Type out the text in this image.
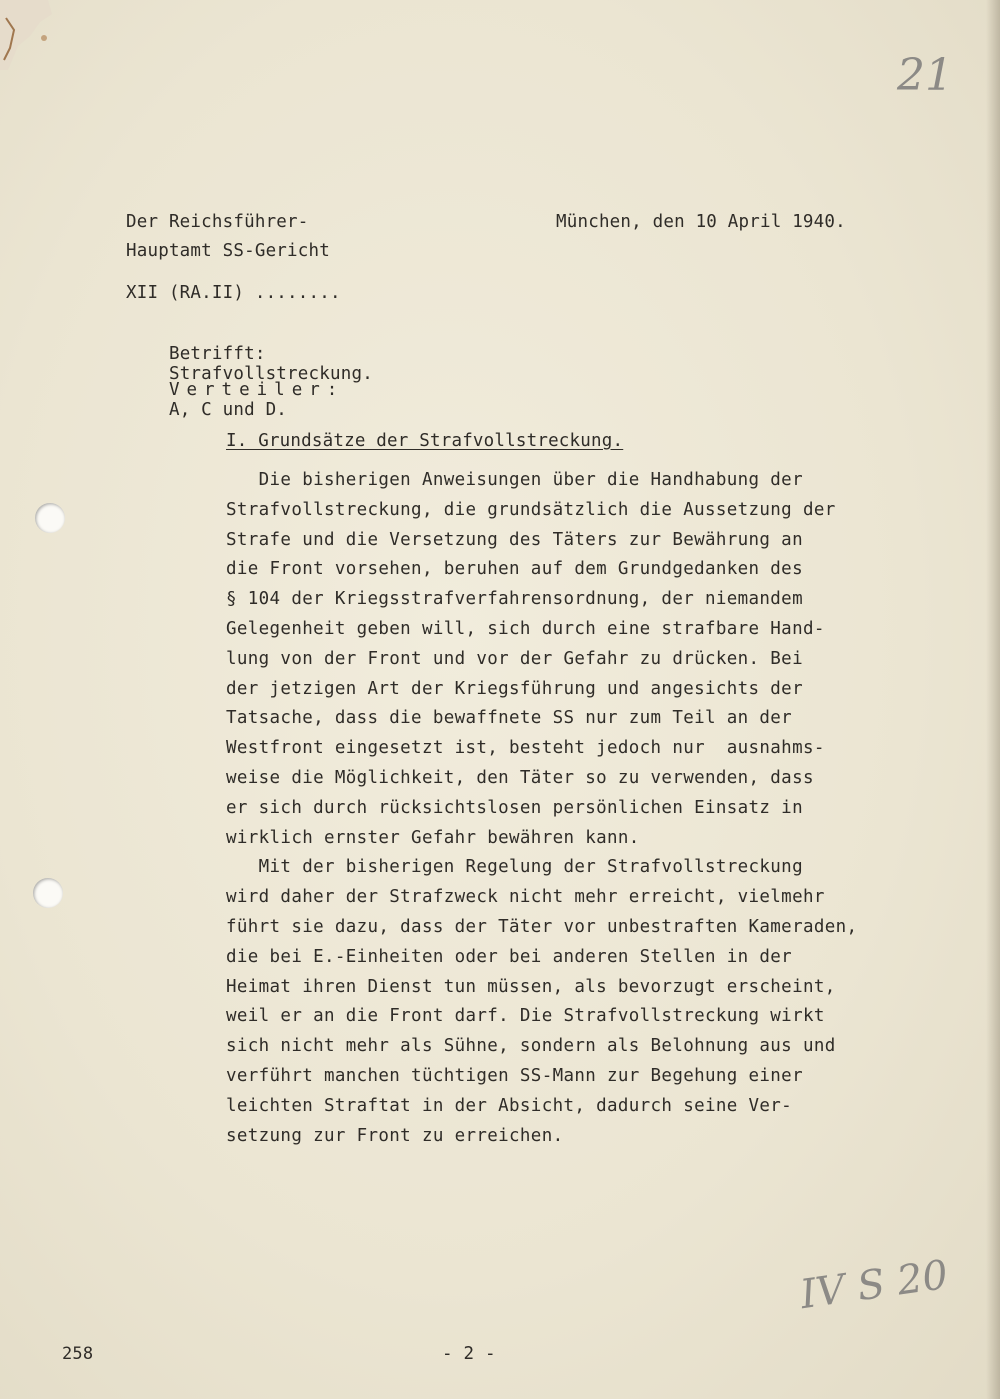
21
Der Reichsführer-
Hauptamt SS-Gericht
München, den 10 April 1940.
XII (RA.II) ........

Betrifft:
Strafvollstreckung.

Verteiler:
A, C und D.

I. Grundsätze der Strafvollstreckung.
Die bisherigen Anweisungen über die Handhabung der
Strafvollstreckung, die grundsätzlich die Aussetzung der
Strafe und die Versetzung des Täters zur Bewährung an
die Front vorsehen, beruhen auf dem Grundgedanken des
§ 104 der Kriegsstrafverfahrensordnung, der niemandem
Gelegenheit geben will, sich durch eine strafbare Hand-
lung von der Front und vor der Gefahr zu drücken. Bei
der jetzigen Art der Kriegsführung und angesichts der
Tatsache, dass die bewaffnete SS nur zum Teil an der
Westfront eingesetzt ist, besteht jedoch nur  ausnahms-
weise die Möglichkeit, den Täter so zu verwenden, dass
er sich durch rücksichtslosen persönlichen Einsatz in
wirklich ernster Gefahr bewähren kann.
Mit der bisherigen Regelung der Strafvollstreckung
wird daher der Strafzweck nicht mehr erreicht, vielmehr
führt sie dazu, dass der Täter vor unbestraften Kameraden,
die bei E.-Einheiten oder bei anderen Stellen in der
Heimat ihren Dienst tun müssen, als bevorzugt erscheint,
weil er an die Front darf. Die Strafvollstreckung wirkt
sich nicht mehr als Sühne, sondern als Belohnung aus und
verführt manchen tüchtigen SS-Mann zur Begehung einer
leichten Straftat in der Absicht, dadurch seine Ver-
setzung zur Front zu erreichen.
IV S 20
258	- 2 -
